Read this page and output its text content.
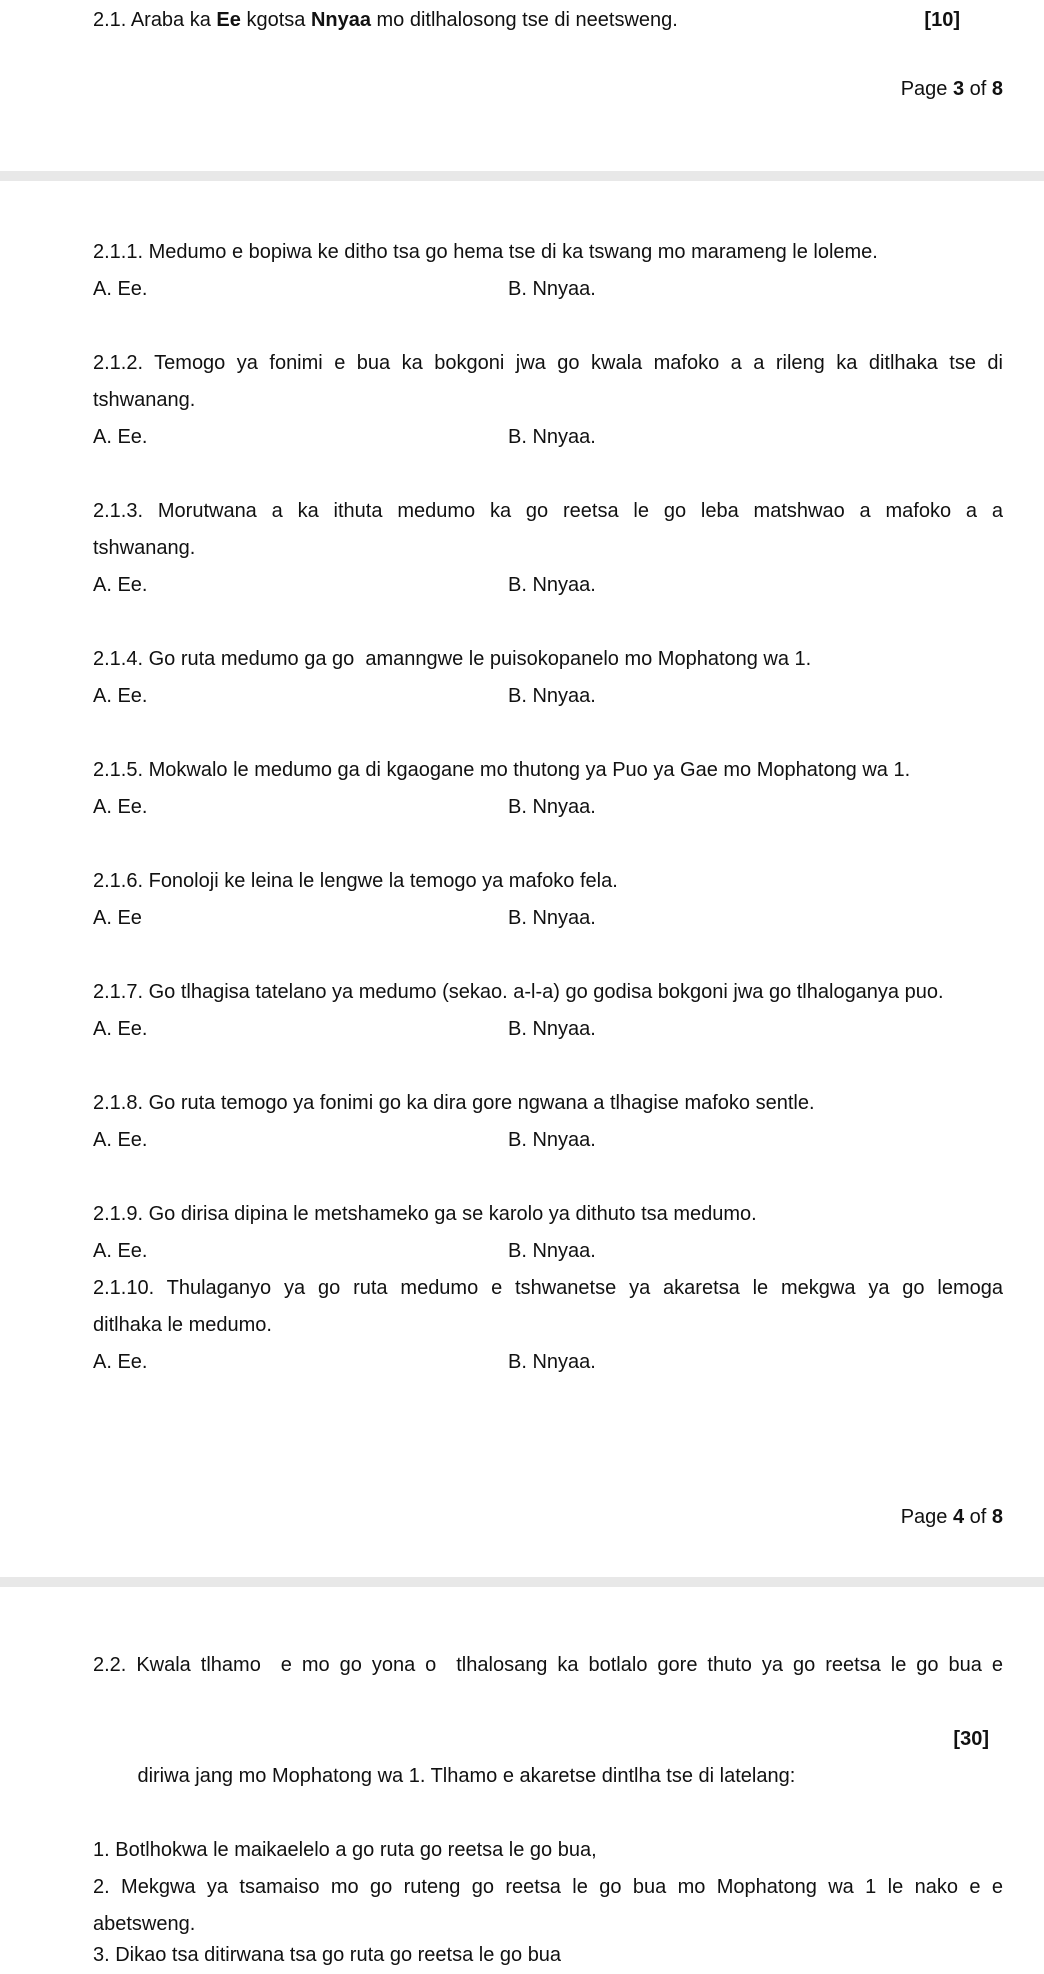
2.1. Araba ka Ee kgotsa Nnyaa mo ditlhalosong tse di neetsweng.	[10]
Page 3 of 8
2.1.1. Medumo e bopiwa ke ditho tsa go hema tse di ka tswang mo marameng le loleme.
A. Ee.	B. Nnyaa.
2.1.2. Temogo ya fonimi e bua ka bokgoni jwa go kwala mafoko a a rileng ka ditlhaka tse di
tshwanang.
A. Ee.	B. Nnyaa.
2.1.3. Morutwana a ka ithuta medumo ka go reetsa le go leba matshwao a mafoko a a
tshwanang.
A. Ee.	B. Nnyaa.
2.1.4. Go ruta medumo ga go  amanngwe le puisokopanelo mo Mophatong wa 1.
A. Ee.	B. Nnyaa.
2.1.5. Mokwalo le medumo ga di kgaogane mo thutong ya Puo ya Gae mo Mophatong wa 1.
A. Ee.	B. Nnyaa.
2.1.6. Fonoloji ke leina le lengwe la temogo ya mafoko fela.
A. Ee	B. Nnyaa.
2.1.7. Go tlhagisa tatelano ya medumo (sekao. a-l-a) go godisa bokgoni jwa go tlhaloganya puo.
A. Ee.	B. Nnyaa.
2.1.8. Go ruta temogo ya fonimi go ka dira gore ngwana a tlhagise mafoko sentle.
A. Ee.	B. Nnyaa.
2.1.9. Go dirisa dipina le metshameko ga se karolo ya dithuto tsa medumo.
A. Ee.	B. Nnyaa.
2.1.10. Thulaganyo ya go ruta medumo e tshwanetse ya akaretsa le mekgwa ya go lemoga
ditlhaka le medumo.
A. Ee.	B. Nnyaa.
Page 4 of 8
2.2. Kwala tlhamo  e mo go yona o  tlhalosang ka botlalo gore thuto ya go reetsa le go bua e

[30]

diriwa jang mo Mophatong wa 1. Tlhamo e akaretse dintlha tse di latelang:

1. Botlhokwa le maikaelelo a go ruta go reetsa le go bua,
2. Mekgwa ya tsamaiso mo go ruteng go reetsa le go bua mo Mophatong wa 1 le nako e e
abetsweng.
3. Dikao tsa ditirwana tsa go ruta go reetsa le go bua
